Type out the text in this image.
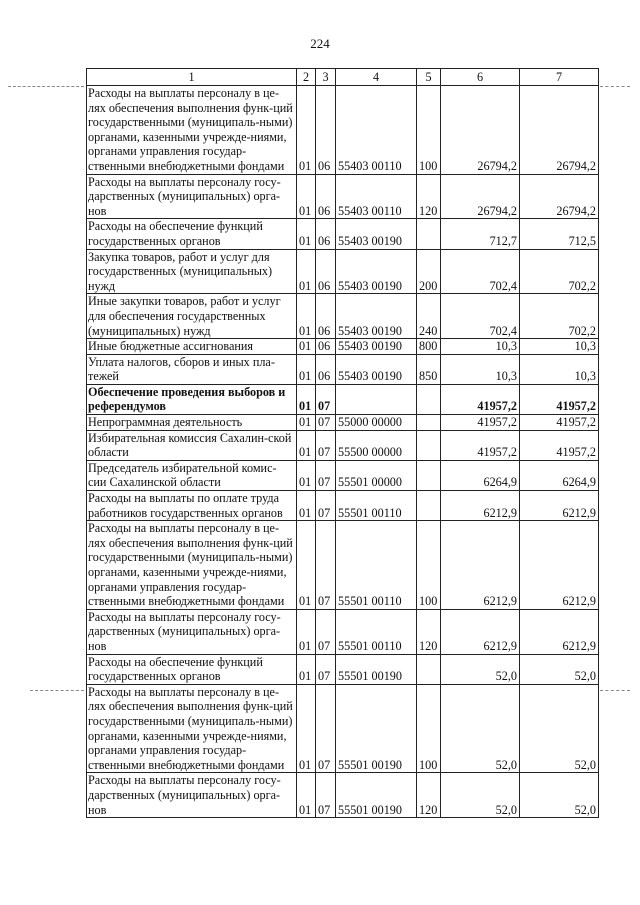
224
1	2	3	4	5	6	7
Расходы на выплаты персоналу в це-лях обеспечения выполнения функ-ций государственными (муниципаль-ными) органами, казенными учрежде-ниями, органами управления государ-ственными внебюджетными фондами	01	06	55403 00110	100	26794,2	26794,2
Расходы на выплаты персоналу госу-дарственных (муниципальных) орга-нов	01	06	55403 00110	120	26794,2	26794,2
Расходы на обеспечение функций государственных органов	01	06	55403 00190		712,7	712,5
Закупка товаров, работ и услуг для государственных (муниципальных) нужд	01	06	55403 00190	200	702,4	702,2
Иные закупки товаров, работ и услуг для обеспечения государственных (муниципальных) нужд	01	06	55403 00190	240	702,4	702,2
Иные бюджетные ассигнования	01	06	55403 00190	800	10,3	10,3
Уплата налогов, сборов и иных пла-тежей	01	06	55403 00190	850	10,3	10,3
Обеспечение проведения выборов и референдумов	01	07			41957,2	41957,2
Непрограммная деятельность	01	07	55000 00000		41957,2	41957,2
Избирательная комиссия Сахалин-ской области	01	07	55500 00000		41957,2	41957,2
Председатель избирательной комис-сии Сахалинской области	01	07	55501 00000		6264,9	6264,9
Расходы на выплаты по оплате труда работников государственных органов	01	07	55501 00110		6212,9	6212,9
Расходы на выплаты персоналу в це-лях обеспечения выполнения функ-ций государственными (муниципаль-ными) органами, казенными учрежде-ниями, органами управления государ-ственными внебюджетными фондами	01	07	55501 00110	100	6212,9	6212,9
Расходы на выплаты персоналу госу-дарственных (муниципальных) орга-нов	01	07	55501 00110	120	6212,9	6212,9
Расходы на обеспечение функций государственных органов	01	07	55501 00190		52,0	52,0
Расходы на выплаты персоналу в це-лях обеспечения выполнения функ-ций государственными (муниципаль-ными) органами, казенными учрежде-ниями, органами управления государ-ственными внебюджетными фондами	01	07	55501 00190	100	52,0	52,0
Расходы на выплаты персоналу госу-дарственных (муниципальных) орга-нов	01	07	55501 00190	120	52,0	52,0
